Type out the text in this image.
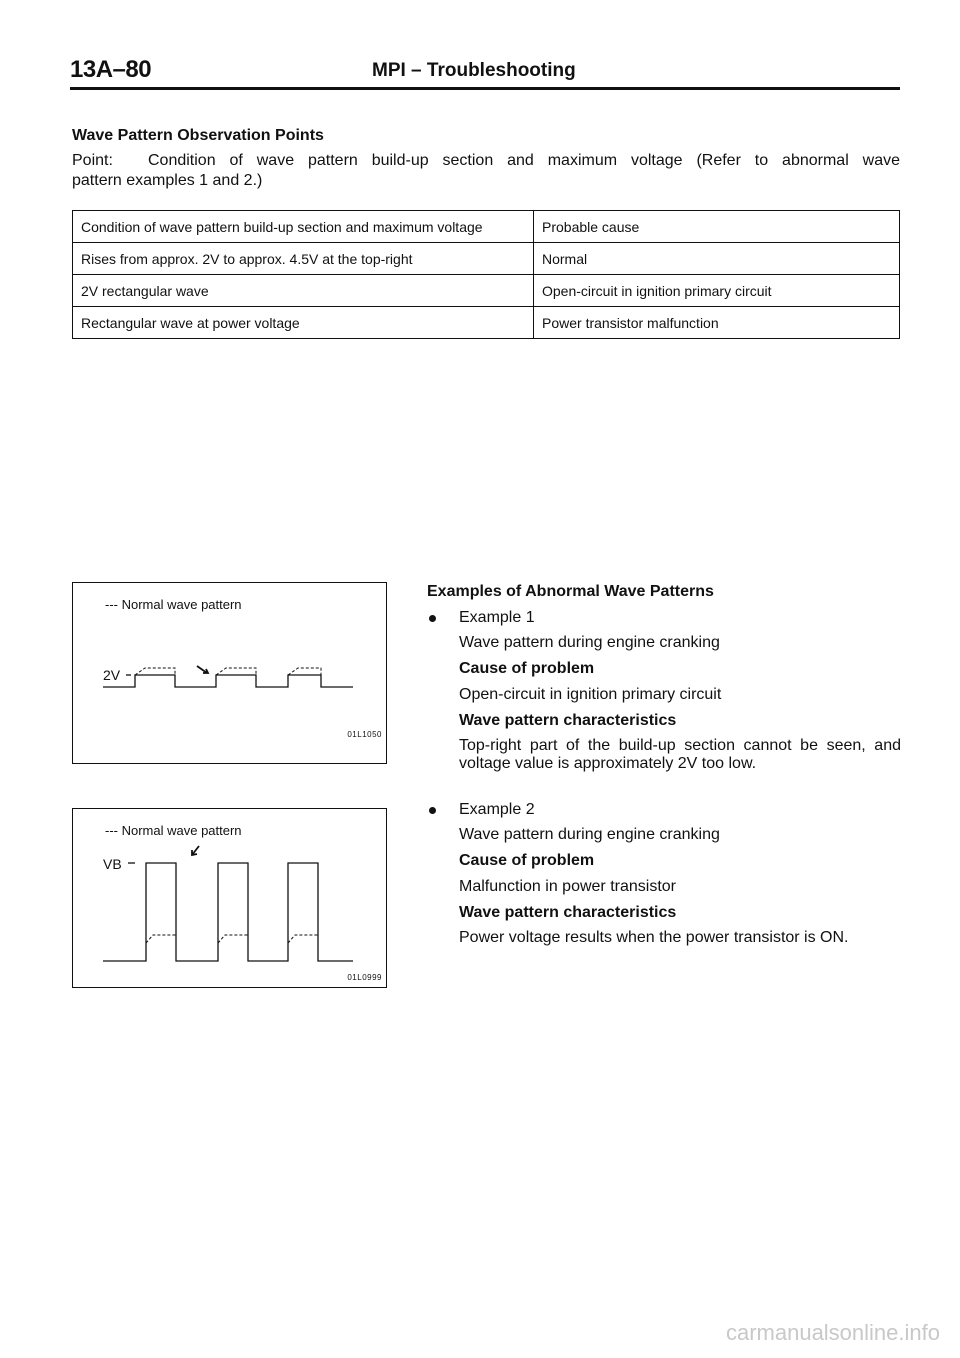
13A–80	MPI – Troubleshooting
Wave Pattern Observation Points
Point: Condition of wave pattern build-up section and maximum voltage (Refer to abnormal wave
pattern examples 1 and 2.)
Condition of wave pattern build-up section and maximum voltage	Probable cause
Rises from approx. 2V to approx. 4.5V at the top-right	Normal
2V rectangular wave	Open-circuit in ignition primary circuit
Rectangular wave at power voltage	Power transistor malfunction
--- Normal wave pattern
2V
01L1050
--- Normal wave pattern
VB
01L0999
Examples of Abnormal Wave Patterns
Example 1
Wave pattern during engine cranking
Cause of problem
Open-circuit in ignition primary circuit
Wave pattern characteristics
Top-right part of the build-up section cannot be seen, and voltage value is approximately 2V too low.
Example 2
Wave pattern during engine cranking
Cause of problem
Malfunction in power transistor
Wave pattern characteristics
Power voltage results when the power transistor is ON.
carmanualsonline.info
